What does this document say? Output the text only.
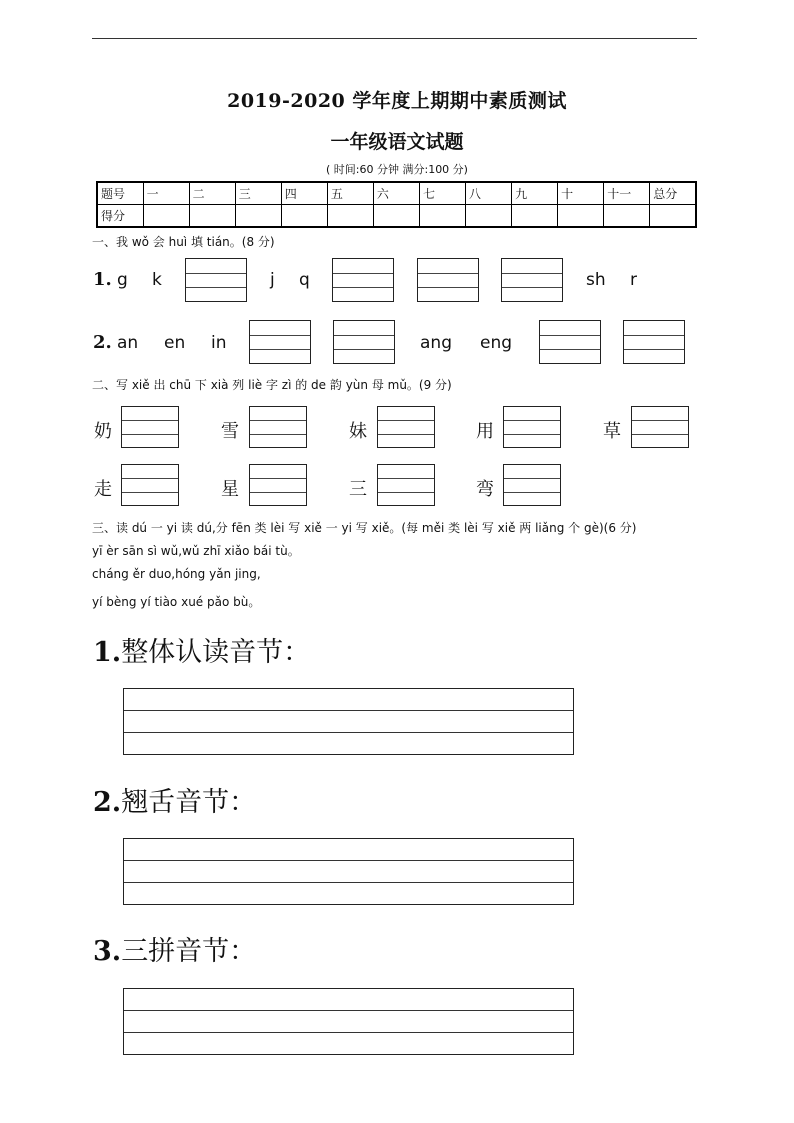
2019-2020 学年度上期期中素质测试
一年级语文试题
( 时间:60 分钟 满分:100 分)
题号	一	二	三	四	五	六	七	八	九	十	十一	总分
得分												
一、我 wǒ 会 huì 填 tián。(8 分)
1. g k	j q	sh r
2. an en in	ang eng
二、写 xiě 出 chū 下 xià 列 liè 字 zì 的 de 韵 yùn 母 mǔ。(9 分)
奶	雪	妹	用	草
走	星	三	弯
三、读 dú 一 yi 读 dú,分 fēn 类 lèi 写 xiě 一 yi 写 xiě。(每 měi 类 lèi 写 xiě 两 liǎng 个 gè)(6 分)
yī èr sān sì wǔ,wǔ zhī xiǎo bái tù。
cháng ěr duo,hóng yǎn jing,
yí bèng yí tiào xué pǎo bù。
1.整体认读音节：
2.翘舌音节：
3.三拼音节：
